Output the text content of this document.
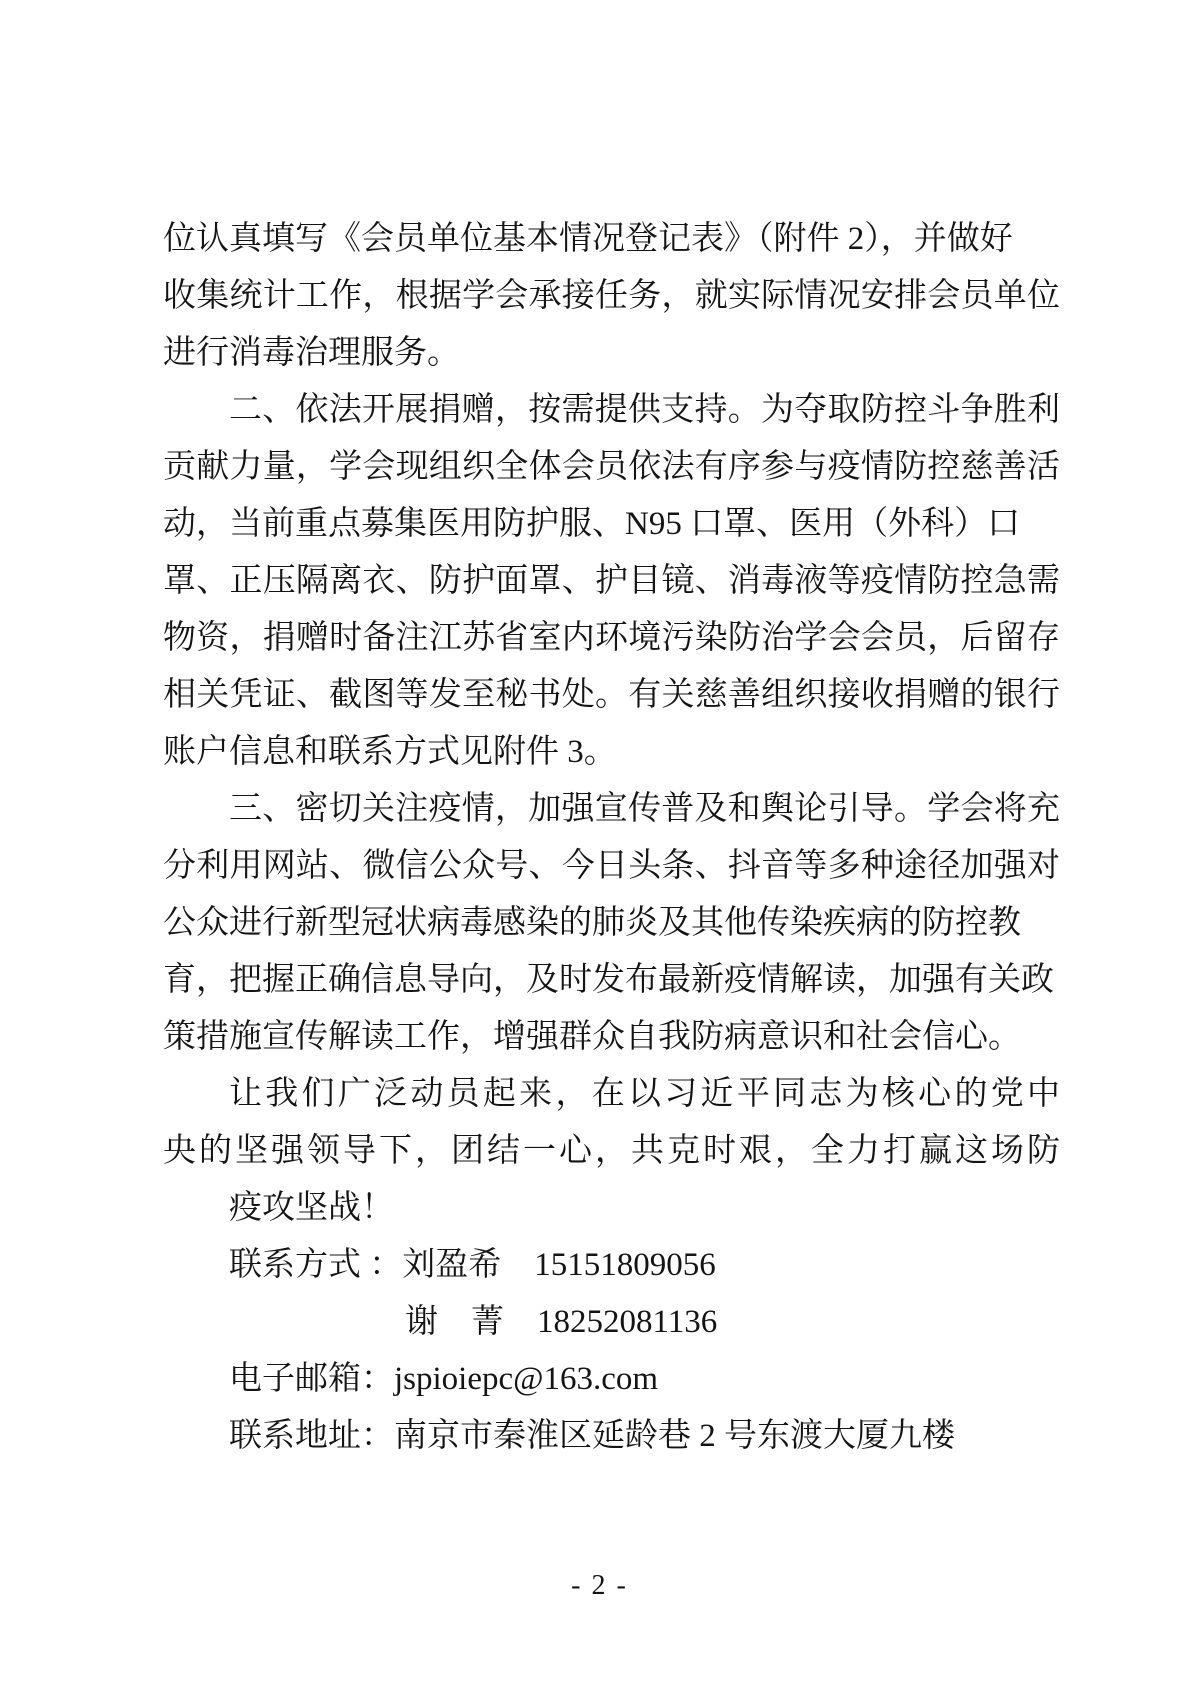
位认真填写《会员单位基本情况登记表》（附件 2），并做好

收集统计工作，根据学会承接任务，就实际情况安排会员单位

进行消毒治理服务。

二、依法开展捐赠，按需提供支持。为夺取防控斗争胜利

贡献力量，学会现组织全体会员依法有序参与疫情防控慈善活

动，当前重点募集医用防护服、N95 口罩、医用（外科）口

罩、正压隔离衣、防护面罩、护目镜、消毒液等疫情防控急需

物资，捐赠时备注江苏省室内环境污染防治学会会员，后留存

相关凭证、截图等发至秘书处。有关慈善组织接收捐赠的银行

账户信息和联系方式见附件 3。

三、密切关注疫情，加强宣传普及和舆论引导。学会将充

分利用网站、微信公众号、今日头条、抖音等多种途径加强对

公众进行新型冠状病毒感染的肺炎及其他传染疾病的防控教

育，把握正确信息导向，及时发布最新疫情解读，加强有关政

策措施宣传解读工作，增强群众自我防病意识和社会信心。

让我们广泛动员起来，在以习近平同志为核心的党中

央的坚强领导下，团结一心，共克时艰，全力打赢这场防

疫攻坚战！

联系方式 ：刘盈希　15151809056

谢　菁　18252081136

电子邮箱：jspioiepc@163.com

联系地址：南京市秦淮区延龄巷 2 号东渡大厦九楼

- 2 -
